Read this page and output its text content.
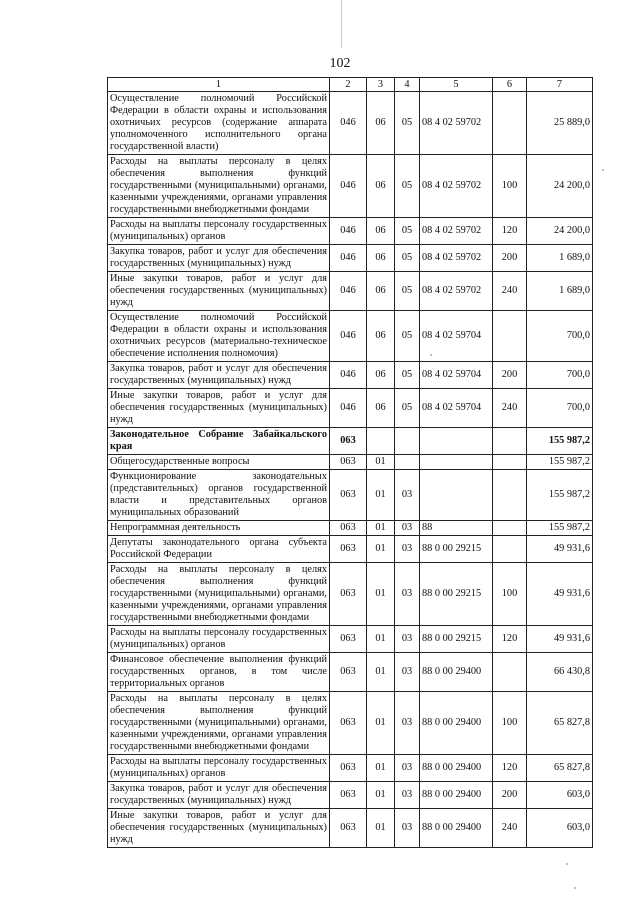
102
1	2	3	4	5	6	7
Осуществление полномочий Российской Федерации в области охраны и использования охотничьих ресурсов (содержание аппарата уполномоченного исполнительного органа государственной власти)	046	06	05	08 4 02 59702		25 889,0
Расходы на выплаты персоналу в целях обеспечения выполнения функций государственными (муниципальными) органами, казенными учреждениями, органами управления государственными внебюджетными фондами	046	06	05	08 4 02 59702	100	24 200,0
Расходы на выплаты персоналу государственных (муниципальных) органов	046	06	05	08 4 02 59702	120	24 200,0
Закупка товаров, работ и услуг для обеспечения государственных (муниципальных) нужд	046	06	05	08 4 02 59702	200	1 689,0
Иные закупки товаров, работ и услуг для обеспечения государственных (муниципальных) нужд	046	06	05	08 4 02 59702	240	1 689,0
Осуществление полномочий Российской Федерации в области охраны и использования охотничьих ресурсов (материально-техническое обеспечение исполнения полномочия)	046	06	05	08 4 02 59704		700,0
Закупка товаров, работ и услуг для обеспечения государственных (муниципальных) нужд	046	06	05	08 4 02 59704	200	700,0
Иные закупки товаров, работ и услуг для обеспечения государственных (муниципальных) нужд	046	06	05	08 4 02 59704	240	700,0
Законодательное Собрание Забайкальского края	063					155 987,2
Общегосударственные вопросы	063	01				155 987,2
Функционирование законодательных (представительных) органов государственной власти и представительных органов муниципальных образований	063	01	03			155 987,2
Непрограммная деятельность	063	01	03	88		155 987,2
Депутаты законодательного органа субъекта Российской Федерации	063	01	03	88 0 00 29215		49 931,6
Расходы на выплаты персоналу в целях обеспечения выполнения функций государственными (муниципальными) органами, казенными учреждениями, органами управления государственными внебюджетными фондами	063	01	03	88 0 00 29215	100	49 931,6
Расходы на выплаты персоналу государственных (муниципальных) органов	063	01	03	88 0 00 29215	120	49 931,6
Финансовое обеспечение выполнения функций государственных органов, в том числе территориальных органов	063	01	03	88 0 00 29400		66 430,8
Расходы на выплаты персоналу в целях обеспечения выполнения функций государственными (муниципальными) органами, казенными учреждениями, органами управления государственными внебюджетными фондами	063	01	03	88 0 00 29400	100	65 827,8
Расходы на выплаты персоналу государственных (муниципальных) органов	063	01	03	88 0 00 29400	120	65 827,8
Закупка товаров, работ и услуг для обеспечения государственных (муниципальных) нужд	063	01	03	88 0 00 29400	200	603,0
Иные закупки товаров, работ и услуг для обеспечения государственных (муниципальных) нужд	063	01	03	88 0 00 29400	240	603,0
